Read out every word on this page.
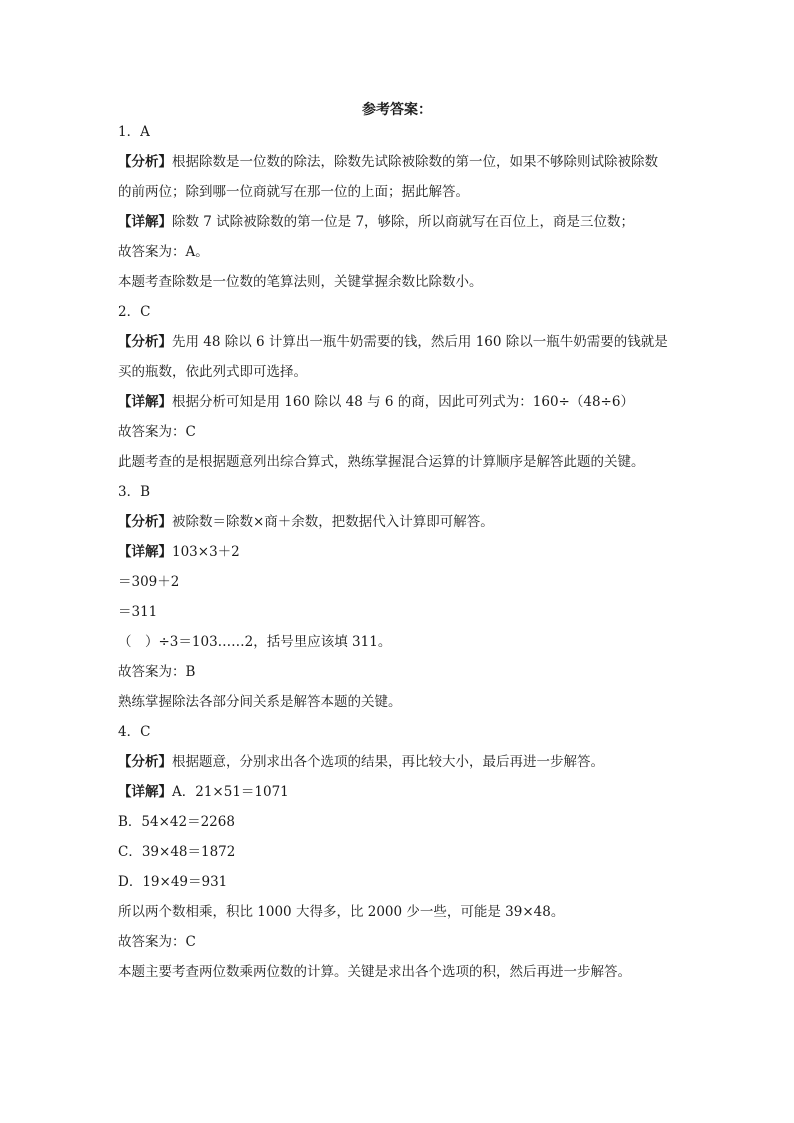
参考答案：

1．A

【分析】根据除数是一位数的除法，除数先试除被除数的第一位，如果不够除则试除被除数

的前两位；除到哪一位商就写在那一位的上面；据此解答。

【详解】除数 7 试除被除数的第一位是 7，够除，所以商就写在百位上，商是三位数；

故答案为：A。

本题考查除数是一位数的笔算法则，关键掌握余数比除数小。

2．C

【分析】先用 48 除以 6 计算出一瓶牛奶需要的钱，然后用 160 除以一瓶牛奶需要的钱就是

买的瓶数，依此列式即可选择。

【详解】根据分析可知是用 160 除以 48 与 6 的商，因此可列式为：160÷（48÷6）

故答案为：C

此题考查的是根据题意列出综合算式，熟练掌握混合运算的计算顺序是解答此题的关键。

3．B

【分析】被除数＝除数×商＋余数，把数据代入计算即可解答。

【详解】103×3＋2

＝309＋2

＝311

（　）÷3＝103……2，括号里应该填 311。

故答案为：B

熟练掌握除法各部分间关系是解答本题的关键。

4．C

【分析】根据题意，分别求出各个选项的结果，再比较大小，最后再进一步解答。

【详解】A．21×51＝1071

B．54×42＝2268

C．39×48＝1872

D．19×49＝931

所以两个数相乘，积比 1000 大得多，比 2000 少一些，可能是 39×48。

故答案为：C

本题主要考查两位数乘两位数的计算。关键是求出各个选项的积，然后再进一步解答。
